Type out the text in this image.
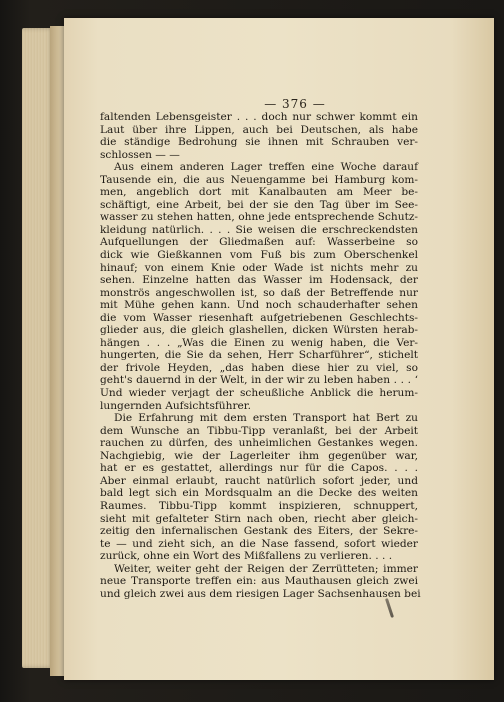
— 376 —
faltenden Lebensgeister . . . doch nur schwer kommt ein
Laut über ihre Lippen, auch bei Deutschen, als habe
die ständige Bedrohung sie ihnen mit Schrauben ver-
schlossen — —
Aus einem anderen Lager treffen eine Woche darauf
Tausende ein, die aus Neuengamme bei Hamburg kom-
men, angeblich dort mit Kanalbauten am Meer be-
schäftigt, eine Arbeit, bei der sie den Tag über im See-
wasser zu stehen hatten, ohne jede entsprechende Schutz-
kleidung natürlich. . . . Sie weisen die erschreckendsten
Aufquellungen der Gliedmaßen auf: Wasserbeine so
dick wie Gießkannen vom Fuß bis zum Oberschenkel
hinauf; von einem Knie oder Wade ist nichts mehr zu
sehen. Einzelne hatten das Wasser im Hodensack, der
monströs angeschwollen ist, so daß der Betreffende nur
mit Mühe gehen kann. Und noch schauderhafter sehen
die vom Wasser riesenhaft aufgetriebenen Geschlechts-
glieder aus, die gleich glashellen, dicken Würsten herab-
hängen . . . „Was die Einen zu wenig haben, die Ver-
hungerten, die Sie da sehen, Herr Scharführer“, stichelt
der frivole Heyden, „das haben diese hier zu viel, so
geht's dauernd in der Welt, in der wir zu leben haben . . . ‘
Und wieder verjagt der scheußliche Anblick die herum-
lungernden Aufsichtsführer.
Die Erfahrung mit dem ersten Transport hat Bert zu
dem Wunsche an Tibbu-Tipp veranlaßt, bei der Arbeit
rauchen zu dürfen, des unheimlichen Gestankes wegen.
Nachgiebig, wie der Lagerleiter ihm gegenüber war,
hat er es gestattet, allerdings nur für die Capos. . . .
Aber einmal erlaubt, raucht natürlich sofort jeder, und
bald legt sich ein Mordsqualm an die Decke des weiten
Raumes. Tibbu-Tipp kommt inspizieren, schnuppert,
sieht mit gefalteter Stirn nach oben, riecht aber gleich-
zeitig den infernalischen Gestank des Eiters, der Sekre-
te — und zieht sich, an die Nase fassend, sofort wieder
zurück, ohne ein Wort des Mißfallens zu verlieren. . . .
Weiter, weiter geht der Reigen der Zerrütteten; immer
neue Transporte treffen ein: aus Mauthausen gleich zwei
und gleich zwei aus dem riesigen Lager Sachsenhausen bei
